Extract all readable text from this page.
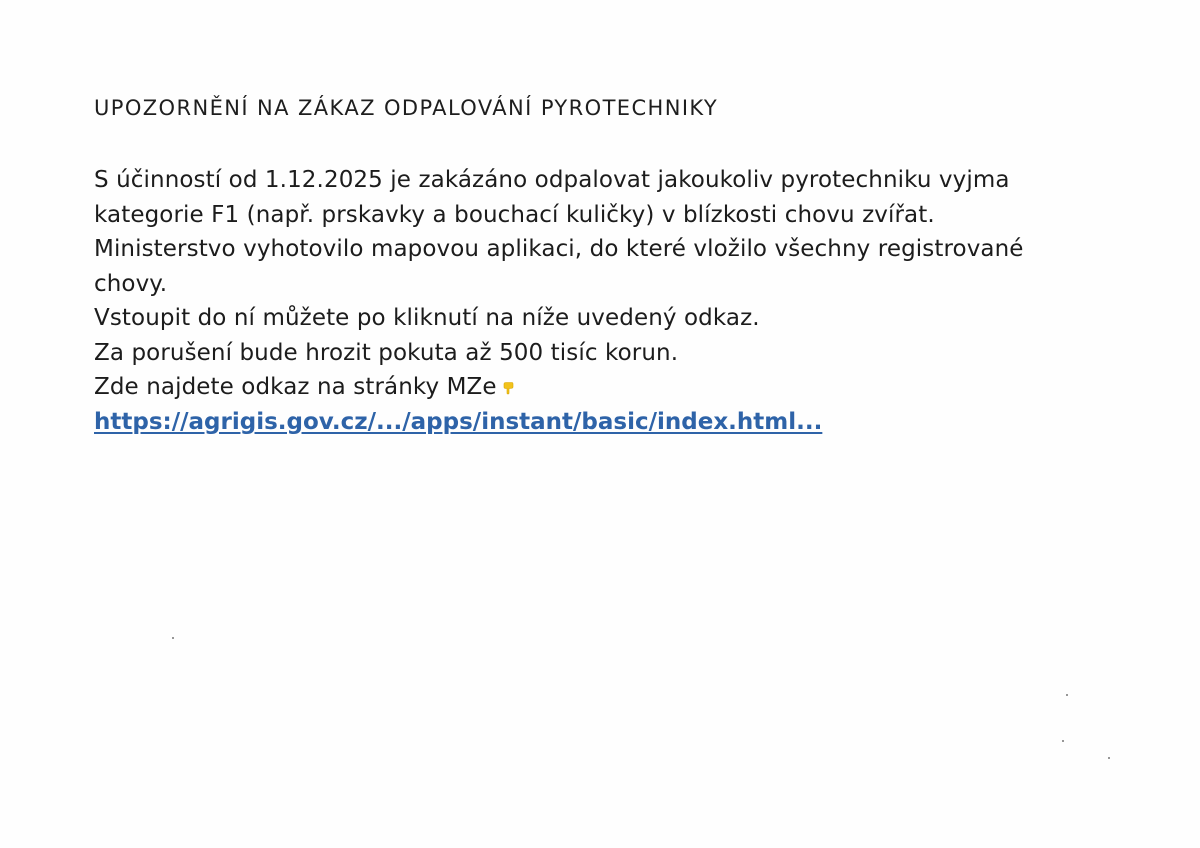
UPOZORNĚNÍ NA ZÁKAZ ODPALOVÁNÍ PYROTECHNIKY
S účinností od 1.12.2025 je zakázáno odpalovat jakoukoliv pyrotechniku vyjma
kategorie F1 (např. prskavky a bouchací kuličky) v blízkosti chovu zvířat.
Ministerstvo vyhotovilo mapovou aplikaci, do které vložilo všechny registrované
chovy.
Vstoupit do ní můžete po kliknutí na níže uvedený odkaz.
Za porušení bude hrozit pokuta až 500 tisíc korun.
Zde najdete odkaz na stránky MZe
https://agrigis.gov.cz/.../apps/instant/basic/index.html...
